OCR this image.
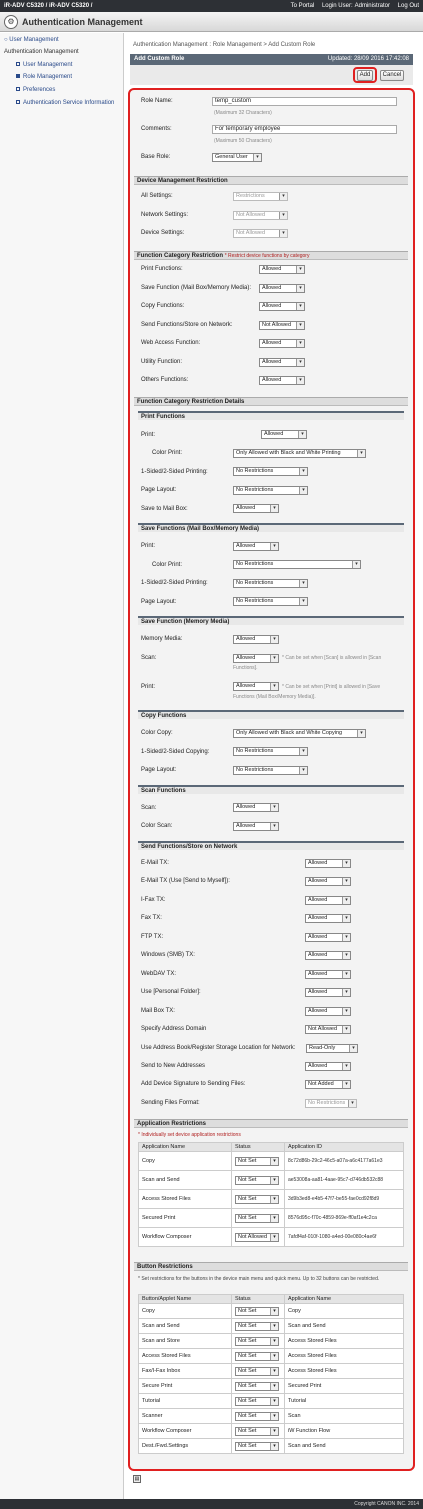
iR-ADV C5320 / iR-ADV C5320 /	To Portal Login User: Administrator Log Out
⚙ Authentication Management
○ User Management
Authentication Management
User Management
Role Management
Preferences
Authentication Service Information
Authentication Management : Role Management > Add Custom Role
Add Custom Role	Updated: 28/09 2016 17:42:08
Add	Cancel
Role Name:	temp_custom
(Maximum 32 Characters)
Comments:	For temporary employee
(Maximum 50 Characters)
Base Role:	General User	▾
Device Management Restriction
All Settings:	Restrictions	▾
Network Settings:	Not Allowed	▾
Device Settings:	Not Allowed	▾
Function Category Restriction * Restrict device functions by category
Print Functions:	Allowed	▾
Save Function (Mail Box/Memory Media):	Allowed	▾
Copy Functions:	Allowed	▾
Send Functions/Store on Network:	Not Allowed	▾
Web Access Function:	Allowed	▾
Utility Function:	Allowed	▾
Others Functions:	Allowed	▾
Function Category Restriction Details
Print Functions
Print:	Allowed	▾
Color Print:	Only Allowed with Black and White Printing	▾
1-Sided/2-Sided Printing:	No Restrictions	▾
Page Layout:	No Restrictions	▾
Save to Mail Box:	Allowed	▾
Save Functions (Mail Box/Memory Media)
Print:	Allowed	▾
Color Print:	No Restrictions	▾
1-Sided/2-Sided Printing:	No Restrictions	▾
Page Layout:	No Restrictions	▾
Save Function (Memory Media)
Memory Media:	Allowed	▾
Scan:	Allowed	▾	* Can be set when [Scan] is allowed in [Scan
Functions].
Print:	Allowed	▾	* Can be set when [Print] is allowed in [Save
Functions (Mail Box/Memory Media)].
Copy Functions
Color Copy:	Only Allowed with Black and White Copying	▾
1-Sided/2-Sided Copying:	No Restrictions	▾
Page Layout:	No Restrictions	▾
Scan Functions
Scan:	Allowed	▾
Color Scan:	Allowed	▾
Send Functions/Store on Network
E-Mail TX:	Allowed	▾
E-Mail TX (Use [Send to Myself]):	Allowed	▾
I-Fax TX:	Allowed	▾
Fax TX:	Allowed	▾
FTP TX:	Allowed	▾
Windows (SMB) TX:	Allowed	▾
WebDAV TX:	Allowed	▾
Use [Personal Folder]:	Allowed	▾
Mail Box TX:	Allowed	▾
Specify Address Domain	Not Allowed	▾
Use Address Book/Register Storage Location for Network:	Read-Only	▾
Send to New Addresses	Allowed	▾
Add Device Signature to Sending Files:	Not Added	▾
Sending Files Format:	No Restrictions	▾
Application Restrictions
* Individually set device application restrictions
Application Name	Status	Application ID
Copy	Not Set ▾	8c72d86b-29c2-46c5-a07a-a6c4177a61e3
Scan and Send	Not Set ▾	ae53008a-aa81-4aae-95c7-d746db532c88
Access Stored Files	Not Set ▾	3d9b3ed8-e4b5-47f7-be55-fae0cd92f8d9
Secured Print	Not Set ▾	8576d95c-f70c-4859-869e-ff0af1e4c2ca
Workflow Composer	Not Allowed ▾	7afdf4af-010f-1080-a4ed-00e080c4ae6f
Button Restrictions
* Set restrictions for the buttons in the device main menu and quick menu. Up to 32 buttons can be restricted.
Button/Applet Name	Status	Application Name
Copy	Not Set ▾	Copy
Scan and Send	Not Set ▾	Scan and Send
Scan and Store	Not Set ▾	Access Stored Files
Access Stored Files	Not Set ▾	Access Stored Files
Fax/I-Fax Inbox	Not Set ▾	Access Stored Files
Secure Print	Not Set ▾	Secured Print
Tutorial	Not Set ▾	Tutorial
Scanner	Not Set ▾	Scan
Workflow Composer	Not Set ▾	iW Function Flow
Dest./Fwd.Settings	Not Set ▾	Scan and Send
▤
Copyright CANON INC. 2014
